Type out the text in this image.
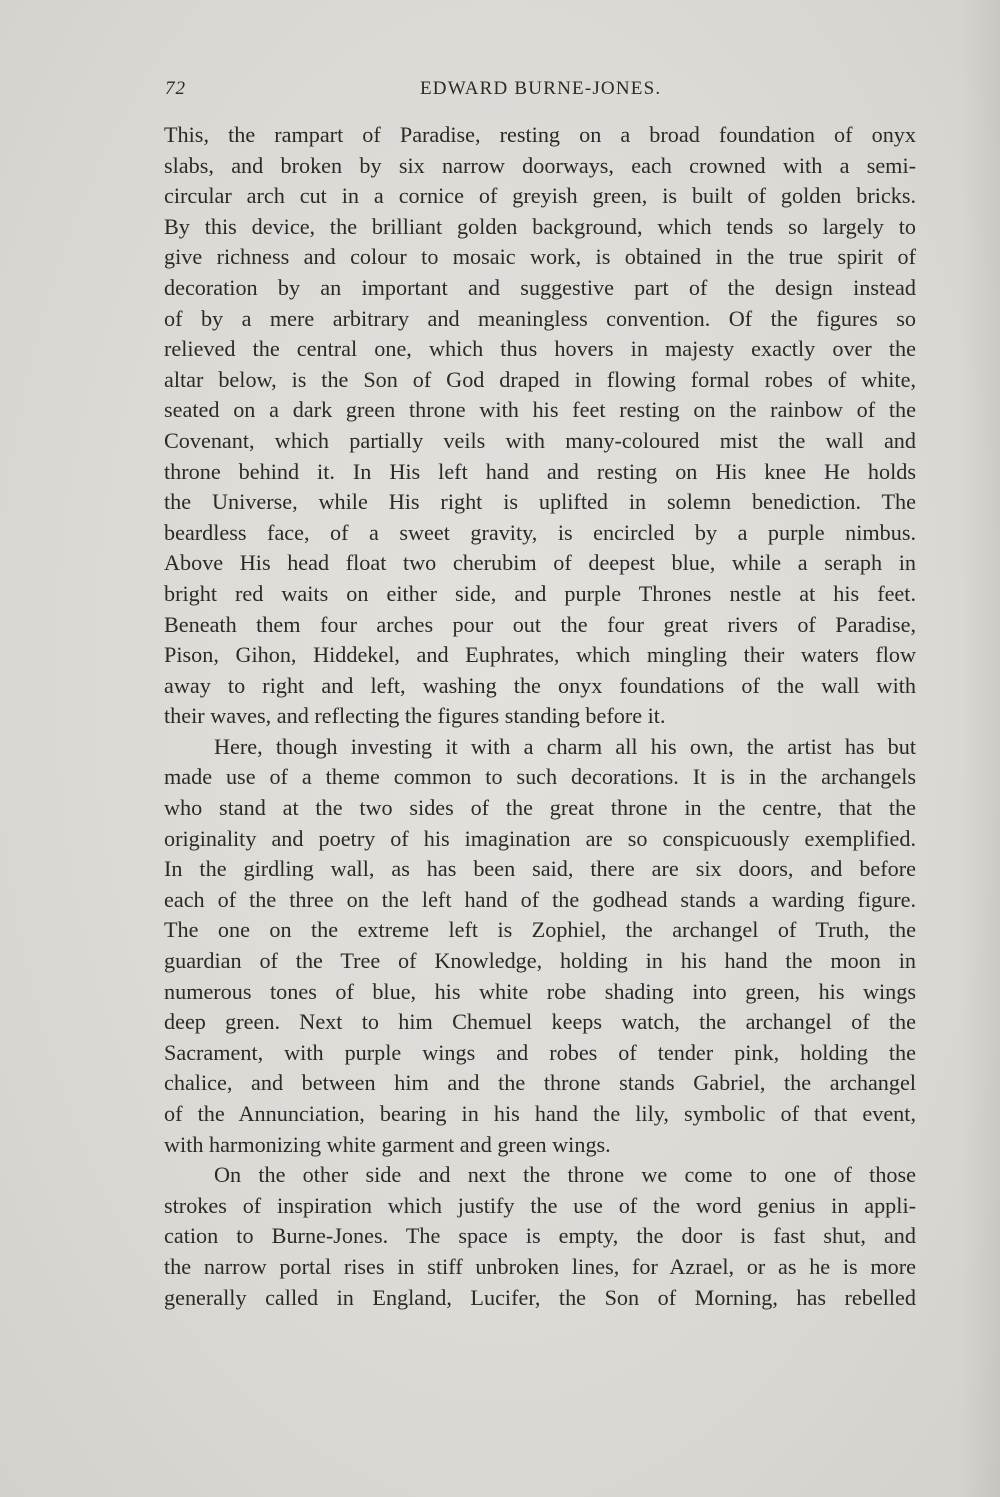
72	EDWARD BURNE-JONES.
This, the rampart of Paradise, resting on a broad foundation of onyx
slabs, and broken by six narrow doorways, each crowned with a semi-
circular arch cut in a cornice of greyish green, is built of golden bricks.
By this device, the brilliant golden background, which tends so largely to
give richness and colour to mosaic work, is obtained in the true spirit of
decoration by an important and suggestive part of the design instead
of by a mere arbitrary and meaningless convention. Of the figures so
relieved the central one, which thus hovers in majesty exactly over the
altar below, is the Son of God draped in flowing formal robes of white,
seated on a dark green throne with his feet resting on the rainbow of the
Covenant, which partially veils with many-coloured mist the wall and
throne behind it. In His left hand and resting on His knee He holds
the Universe, while His right is uplifted in solemn benediction. The
beardless face, of a sweet gravity, is encircled by a purple nimbus.
Above His head float two cherubim of deepest blue, while a seraph in
bright red waits on either side, and purple Thrones nestle at his feet.
Beneath them four arches pour out the four great rivers of Paradise,
Pison, Gihon, Hiddekel, and Euphrates, which mingling their waters flow
away to right and left, washing the onyx foundations of the wall with
their waves, and reflecting the figures standing before it.
Here, though investing it with a charm all his own, the artist has but
made use of a theme common to such decorations. It is in the archangels
who stand at the two sides of the great throne in the centre, that the
originality and poetry of his imagination are so conspicuously exemplified.
In the girdling wall, as has been said, there are six doors, and before
each of the three on the left hand of the godhead stands a warding figure.
The one on the extreme left is Zophiel, the archangel of Truth, the
guardian of the Tree of Knowledge, holding in his hand the moon in
numerous tones of blue, his white robe shading into green, his wings
deep green. Next to him Chemuel keeps watch, the archangel of the
Sacrament, with purple wings and robes of tender pink, holding the
chalice, and between him and the throne stands Gabriel, the archangel
of the Annunciation, bearing in his hand the lily, symbolic of that event,
with harmonizing white garment and green wings.
On the other side and next the throne we come to one of those
strokes of inspiration which justify the use of the word genius in appli-
cation to Burne-Jones. The space is empty, the door is fast shut, and
the narrow portal rises in stiff unbroken lines, for Azrael, or as he is more
generally called in England, Lucifer, the Son of Morning, has rebelled
